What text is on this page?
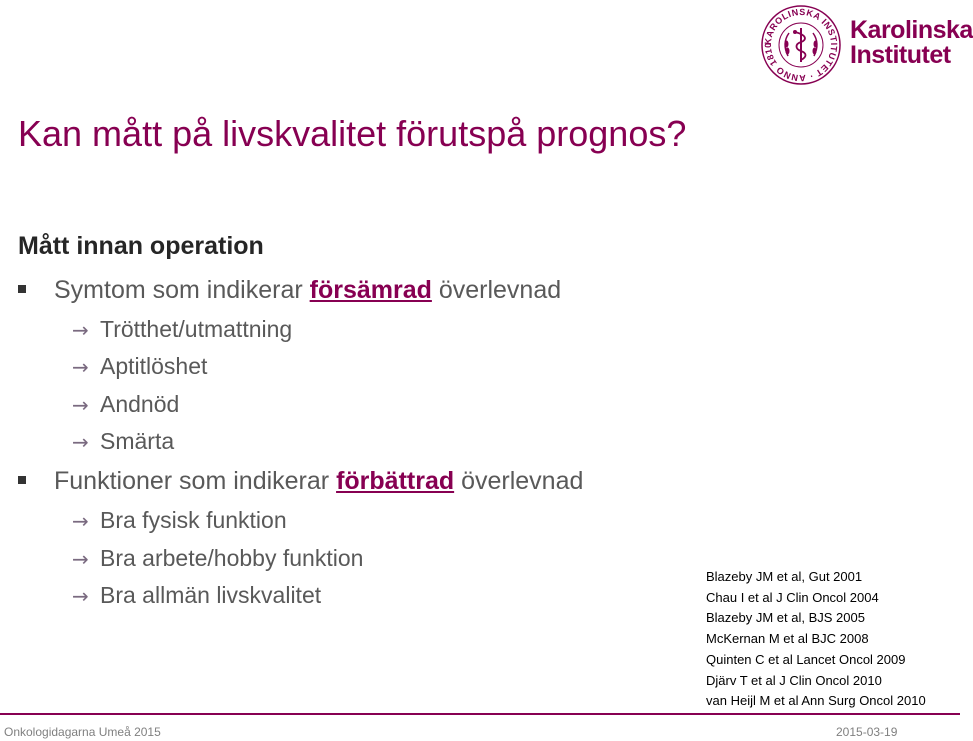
KAROLINSKA INSTITUTET · ANNO 1810
Karolinska
Institutet
Kan mått på livskvalitet förutspå prognos?
Mått innan operation
Symtom som indikerar försämrad överlevnad
→ Trötthet/utmattning
→ Aptitlöshet
→ Andnöd
→ Smärta
Funktioner som indikerar förbättrad överlevnad
→ Bra fysisk funktion
→ Bra arbete/hobby funktion
→ Bra allmän livskvalitet
Blazeby JM et al, Gut 2001
Chau I et al J Clin Oncol 2004
Blazeby JM et al, BJS 2005
McKernan M et al BJC 2008
Quinten C et al Lancet Oncol 2009
Djärv T et al J Clin Oncol 2010
van Heijl M et al Ann Surg Oncol 2010
Onkologidagarna Umeå 2015	2015-03-19
